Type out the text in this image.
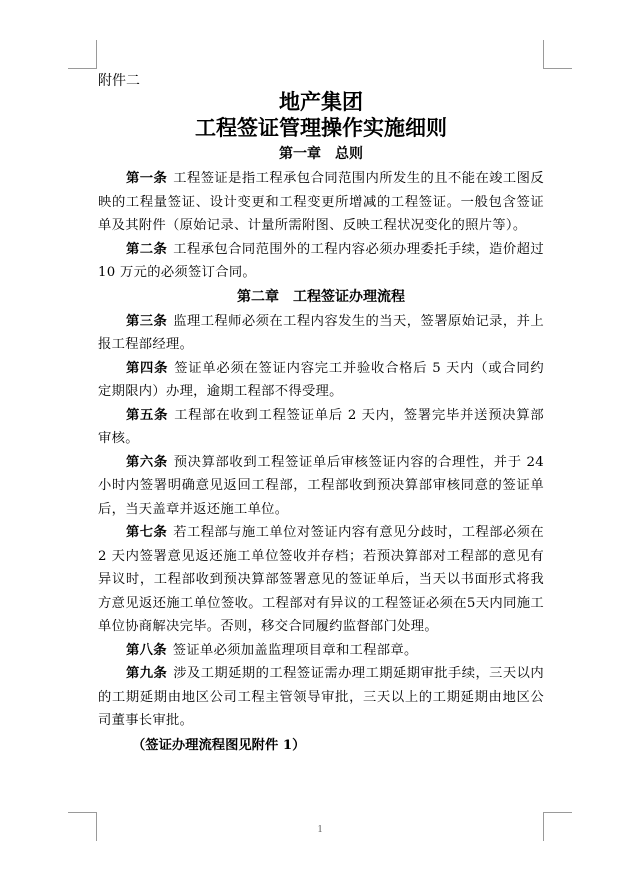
附件二
地产集团
工程签证管理操作实施细则
第一章　总则

第一条 工程签证是指工程承包合同范围内所发生的且不能在竣工图反映的工程量签证、设计变更和工程变更所增减的工程签证。一般包含签证单及其附件（原始记录、计量所需附图、反映工程状况变化的照片等）。

第二条 工程承包合同范围外的工程内容必须办理委托手续，造价超过 10 万元的必须签订合同。

第二章　工程签证办理流程

第三条 监理工程师必须在工程内容发生的当天，签署原始记录，并上报工程部经理。

第四条 签证单必须在签证内容完工并验收合格后 5 天内（或合同约定期限内）办理，逾期工程部不得受理。

第五条 工程部在收到工程签证单后 2 天内，签署完毕并送预决算部审核。

第六条 预决算部收到工程签证单后审核签证内容的合理性，并于 24 小时内签署明确意见返回工程部，工程部收到预决算部审核同意的签证单后，当天盖章并返还施工单位。

第七条 若工程部与施工单位对签证内容有意见分歧时，工程部必须在 2 天内签署意见返还施工单位签收并存档；若预决算部对工程部的意见有异议时，工程部收到预决算部签署意见的签证单后，当天以书面形式将我方意见返还施工单位签收。工程部对有异议的工程签证必须在5天内同施工单位协商解决完毕。否则，移交合同履约监督部门处理。

第八条 签证单必须加盖监理项目章和工程部章。

第九条 涉及工期延期的工程签证需办理工期延期审批手续，三天以内的工期延期由地区公司工程主管领导审批，三天以上的工期延期由地区公司董事长审批。

（签证办理流程图见附件 1）
1
